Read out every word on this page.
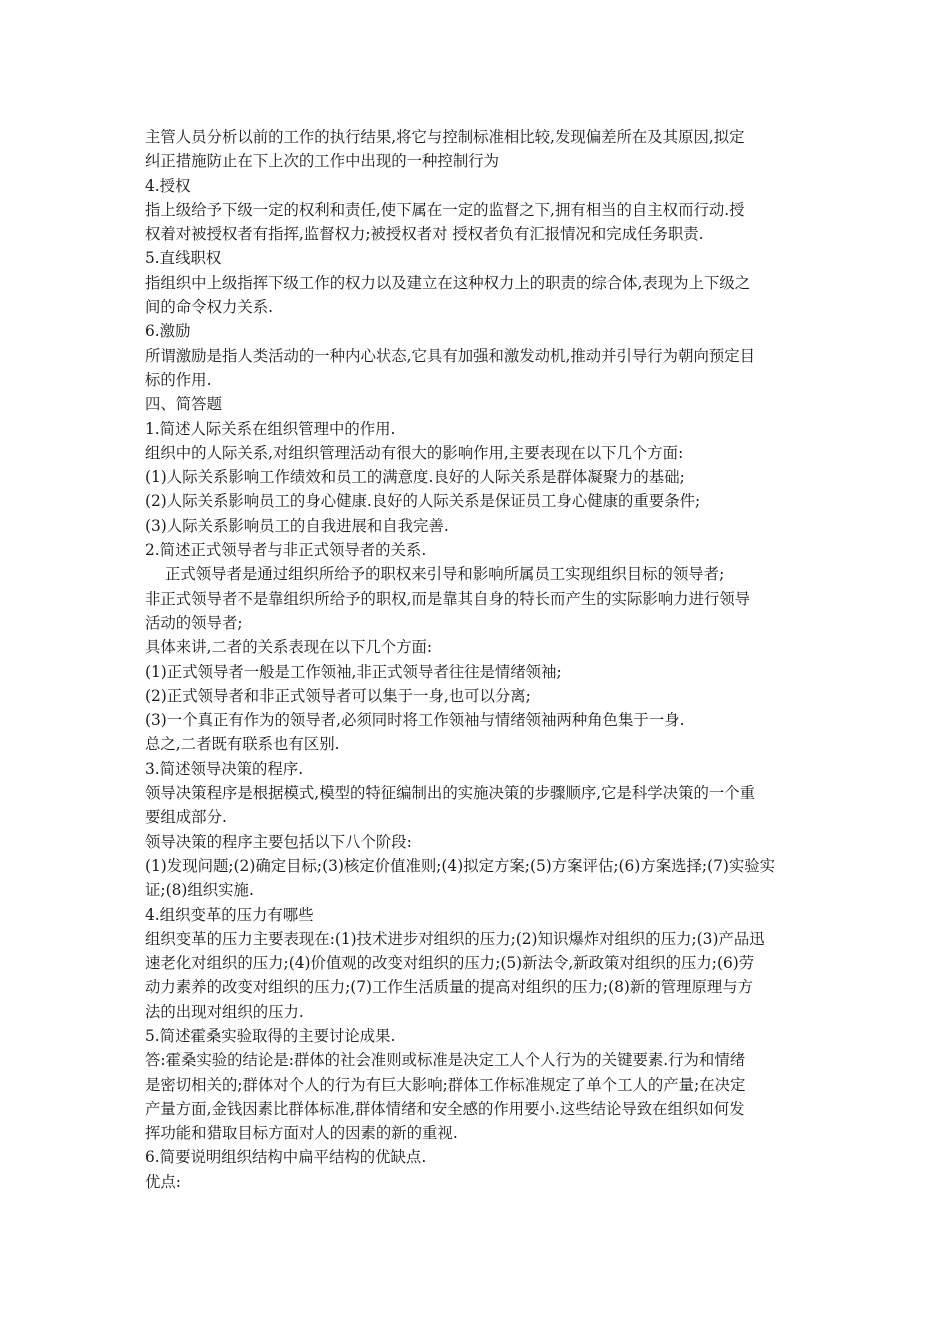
主管人员分析以前的工作的执行结果,将它与控制标准相比较,发现偏差所在及其原因,拟定

纠正措施防止在下上次的工作中出现的一种控制行为

4.授权

指上级给予下级一定的权利和责任,使下属在一定的监督之下,拥有相当的自主权而行动.授

权着对被授权者有指挥,监督权力;被授权者对 授权者负有汇报情况和完成任务职责.

5.直线职权

指组织中上级指挥下级工作的权力以及建立在这种权力上的职责的综合体,表现为上下级之

间的命令权力关系.

6.激励

所谓激励是指人类活动的一种内心状态,它具有加强和激发动机,推动并引导行为朝向预定目

标的作用.

四、简答题

1.简述人际关系在组织管理中的作用.

组织中的人际关系,对组织管理活动有很大的影响作用,主要表现在以下几个方面:

(1)人际关系影响工作绩效和员工的满意度.良好的人际关系是群体凝聚力的基础;

(2)人际关系影响员工的身心健康.良好的人际关系是保证员工身心健康的重要条件;

(3)人际关系影响员工的自我进展和自我完善.

2.简述正式领导者与非正式领导者的关系.

正式领导者是通过组织所给予的职权来引导和影响所属员工实现组织目标的领导者;

非正式领导者不是靠组织所给予的职权,而是靠其自身的特长而产生的实际影响力进行领导

活动的领导者;

具体来讲,二者的关系表现在以下几个方面:

(1)正式领导者一般是工作领袖,非正式领导者往往是情绪领袖;

(2)正式领导者和非正式领导者可以集于一身,也可以分离;

(3)一个真正有作为的领导者,必须同时将工作领袖与情绪领袖两种角色集于一身.

总之,二者既有联系也有区别.

3.简述领导决策的程序.

领导决策程序是根据模式,模型的特征编制出的实施决策的步骤顺序,它是科学决策的一个重

要组成部分.

领导决策的程序主要包括以下八个阶段:

(1)发现问题;(2)确定目标;(3)核定价值准则;(4)拟定方案;(5)方案评估;(6)方案选择;(7)实验实

证;(8)组织实施.

4.组织变革的压力有哪些

组织变革的压力主要表现在:(1)技术进步对组织的压力;(2)知识爆炸对组织的压力;(3)产品迅

速老化对组织的压力;(4)价值观的改变对组织的压力;(5)新法令,新政策对组织的压力;(6)劳

动力素养的改变对组织的压力;(7)工作生活质量的提高对组织的压力;(8)新的管理原理与方

法的出现对组织的压力.

5.简述霍桑实验取得的主要讨论成果.

答:霍桑实验的结论是:群体的社会准则或标准是决定工人个人行为的关键要素.行为和情绪

是密切相关的;群体对个人的行为有巨大影响;群体工作标准规定了单个工人的产量;在决定

产量方面,金钱因素比群体标准,群体情绪和安全感的作用要小.这些结论导致在组织如何发

挥功能和猎取目标方面对人的因素的新的重视.

6.简要说明组织结构中扁平结构的优缺点.

优点:
